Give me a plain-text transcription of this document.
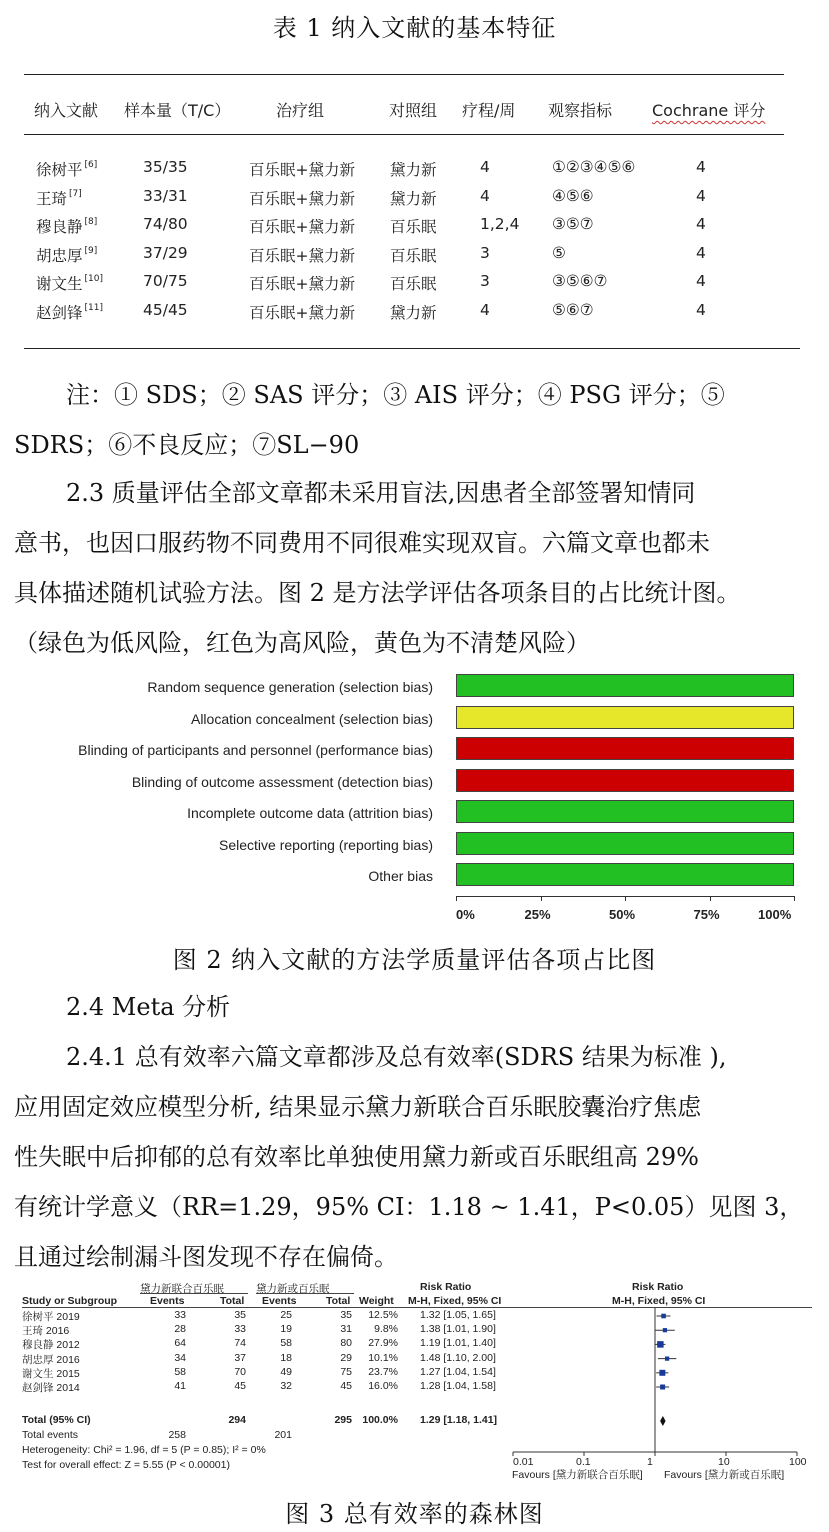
表 1 纳入文献的基本特征
纳入文献 样本量（T/C）	治疗组	对照组 疗程/周 观察指标 Cochrane 评分
徐树平 [6]	35/35	百乐眠+黛力新 黛力新	4	①②③④⑤⑥	4
王琦 [7]	33/31	百乐眠+黛力新 黛力新	4	④⑤⑥	4
穆良静 [8]	74/80	百乐眠+黛力新 百乐眠	1,2,4 ③⑤⑦	4
胡忠厚 [9]	37/29	百乐眠+黛力新 百乐眠	3	⑤	4
谢文生 [10]	70/75	百乐眠+黛力新 百乐眠	3	③⑤⑥⑦	4
赵剑锋 [11]	45/45	百乐眠+黛力新 黛力新	4	⑤⑥⑦	4

注：① SDS；② SAS 评分；③ AIS 评分；④ PSG 评分；⑤

SDRS；⑥不良反应；⑦SL−90

2.3 质量评估全部文章都未采用盲法,因患者全部签署知情同

意书，也因口服药物不同费用不同很难实现双盲。六篇文章也都未

具体描述随机试验方法。图 2 是方法学评估各项条目的占比统计图。

（绿色为低风险，红色为高风险，黄色为不清楚风险）

Random sequence generation (selection bias)
Allocation concealment (selection bias)
Blinding of participants and personnel (performance bias)
Blinding of outcome assessment (detection bias)
Incomplete outcome data (attrition bias)
Selective reporting (reporting bias)
Other bias
0%	25%	50%	75%	100%
图 2 纳入文献的方法学质量评估各项占比图

2.4 Meta 分析

2.4.1 总有效率六篇文章都涉及总有效率(SDRS 结果为标准 ),

应用固定效应模型分析, 结果显示黛力新联合百乐眠胶囊治疗焦虑

性失眠中后抑郁的总有效率比单独使用黛力新或百乐眠组高 29%

有统计学意义（RR=1.29，95% CI：1.18 ~ 1.41，P<0.05）见图 3，

且通过绘制漏斗图发现不存在偏倚。

黛力新联合百乐眠	黛力新或百乐眠	Risk Ratio	Risk Ratio
Study or Subgroup	Events	Total Events	Total Weight M-H, Fixed, 95% CI	M-H, Fixed, 95% CI
Total (95% CI)	294	295 100.0% 1.29 [1.18, 1.41]
Total events	258	201
Heterogeneity: Chi² = 1.96, df = 5 (P = 0.85); I² = 0%
Test for overall effect: Z = 5.55 (P < 0.00001)
Favours [黛力新联合百乐眠] Favours [黛力新或百乐眠]
徐树平 2019	33	35	25	35	12.5% 1.32 [1.05, 1.65]
王琦 2016	28	33	19	31	9.8% 1.38 [1.01, 1.90]
穆良静 2012	64	74	58	80	27.9% 1.19 [1.01, 1.40]
胡忠厚 2016	34	37	18	29	10.1% 1.48 [1.10, 2.00]
谢文生 2015	58	70	49	75	23.7% 1.27 [1.04, 1.54]
赵剑锋 2014	41	45	32	45	16.0% 1.28 [1.04, 1.58]
0.01	0.1	1	10	100
图 3 总有效率的森林图
